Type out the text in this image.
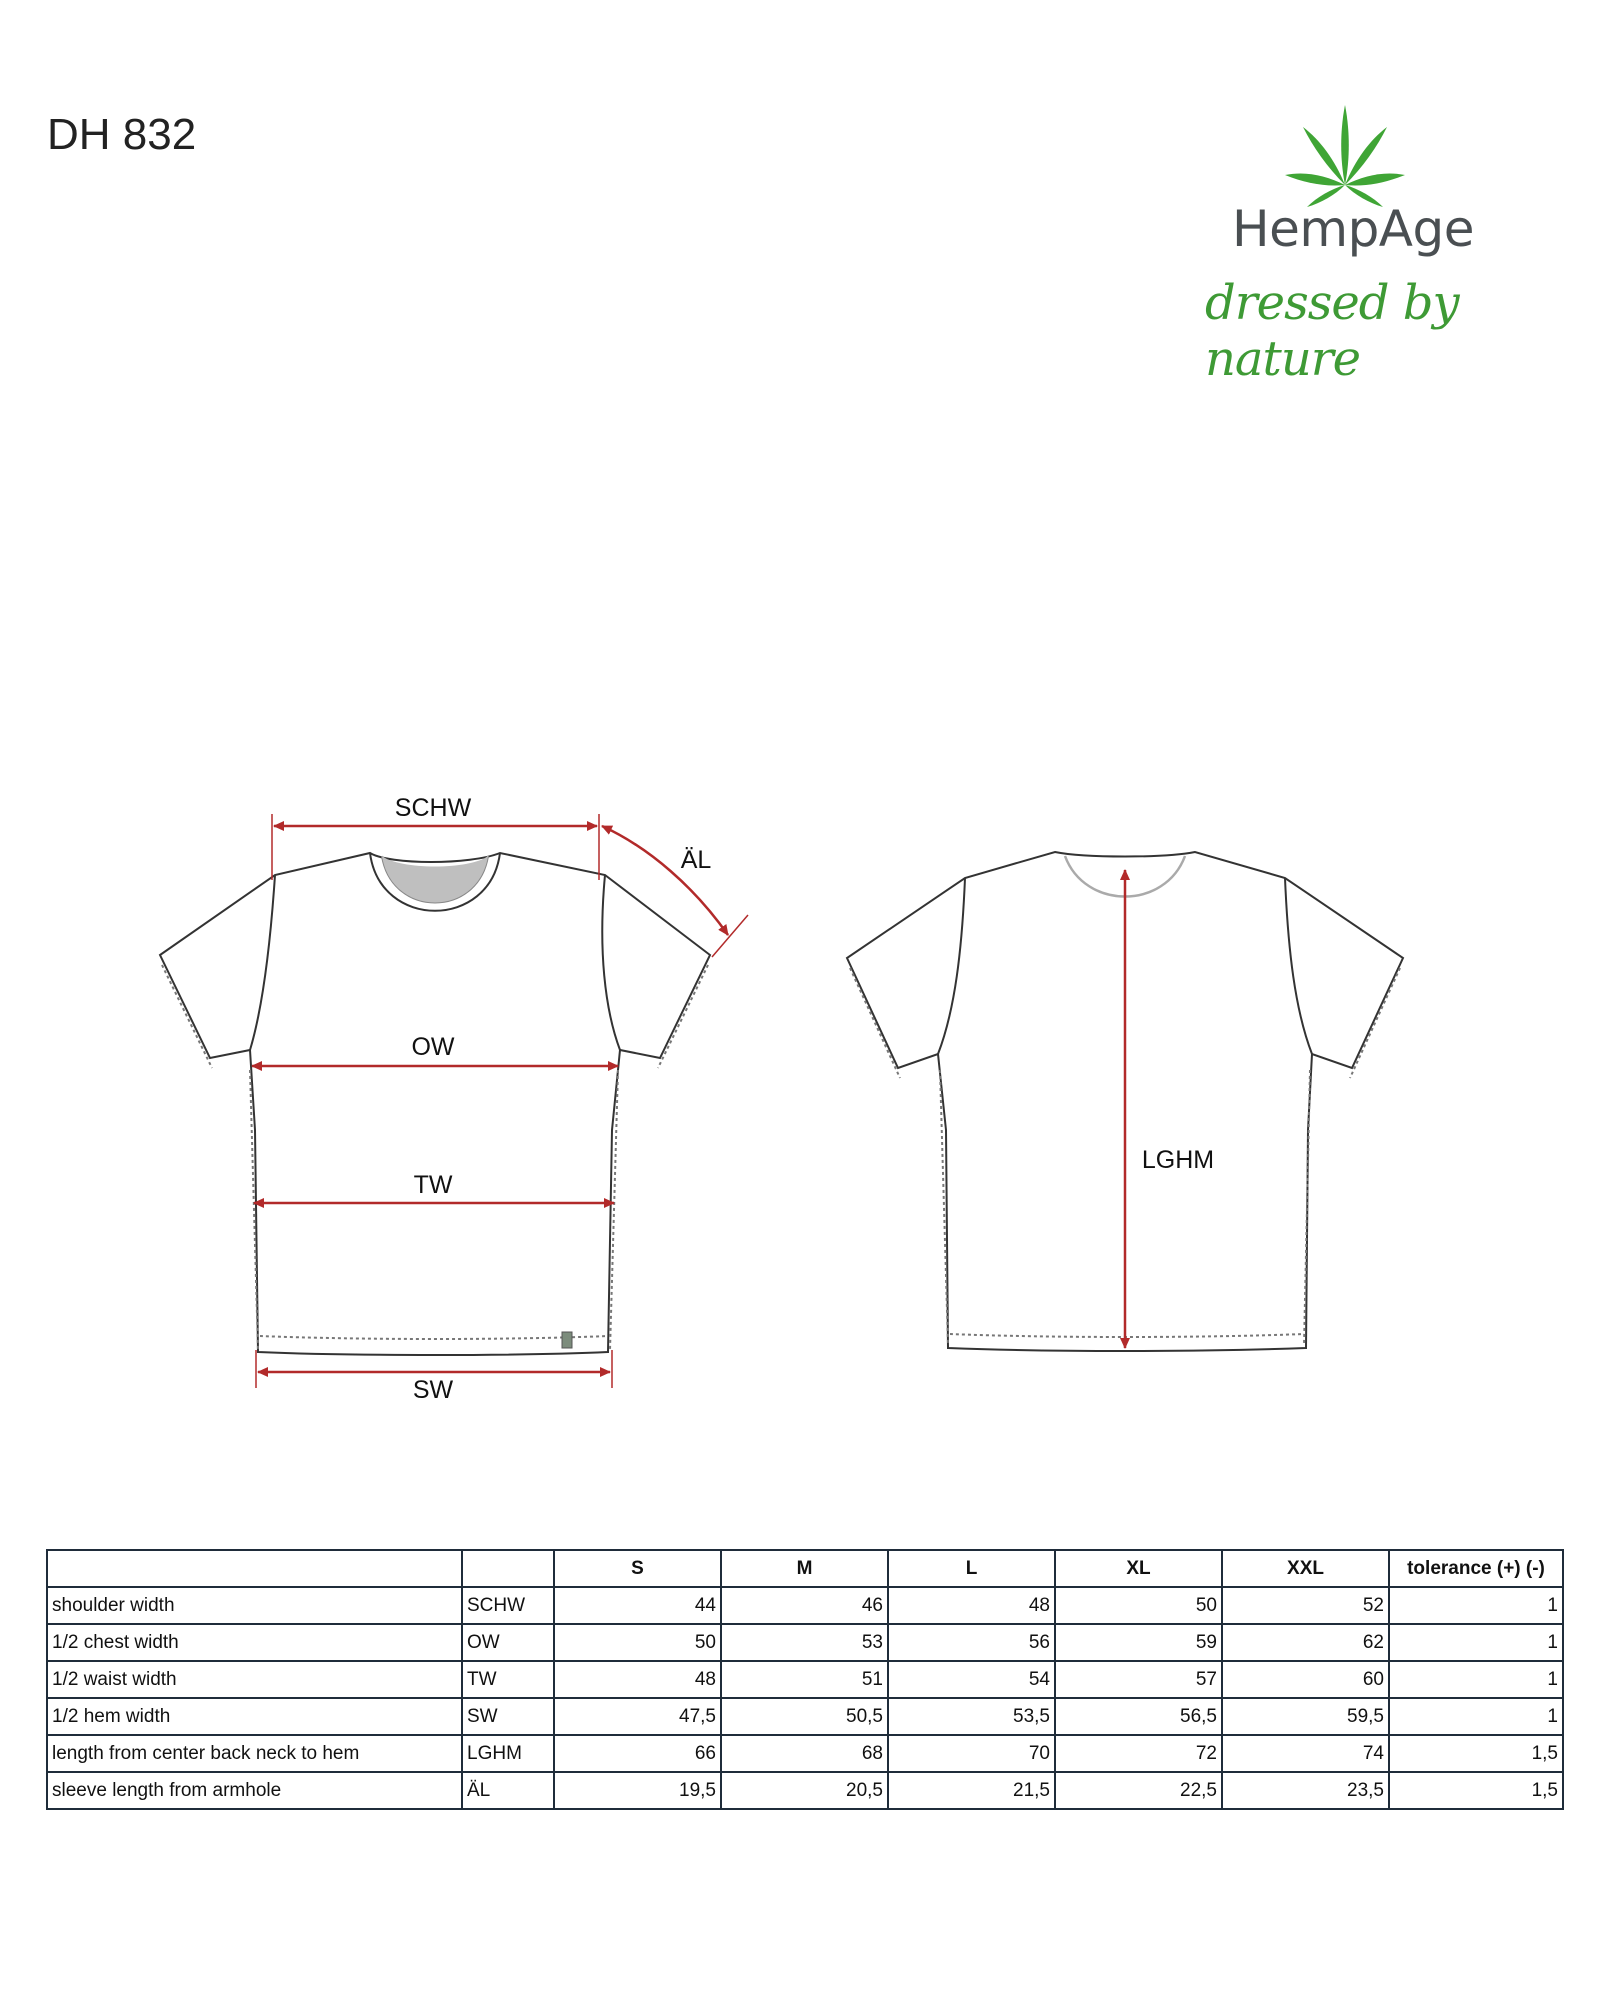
DH 832
HempAge
dressed by nature
SCHW
ÄL
OW
TW
SW
LGHM
		S	M	L	XL	XXL	tolerance (+) (-)
shoulder width	SCHW	44	46	48	50	52	1
1/2 chest width	OW	50	53	56	59	62	1
1/2 waist width	TW	48	51	54	57	60	1
1/2 hem width	SW	47,5	50,5	53,5	56,5	59,5	1
length from center back neck to hem	LGHM	66	68	70	72	74	1,5
sleeve length from armhole	ÄL	19,5	20,5	21,5	22,5	23,5	1,5
